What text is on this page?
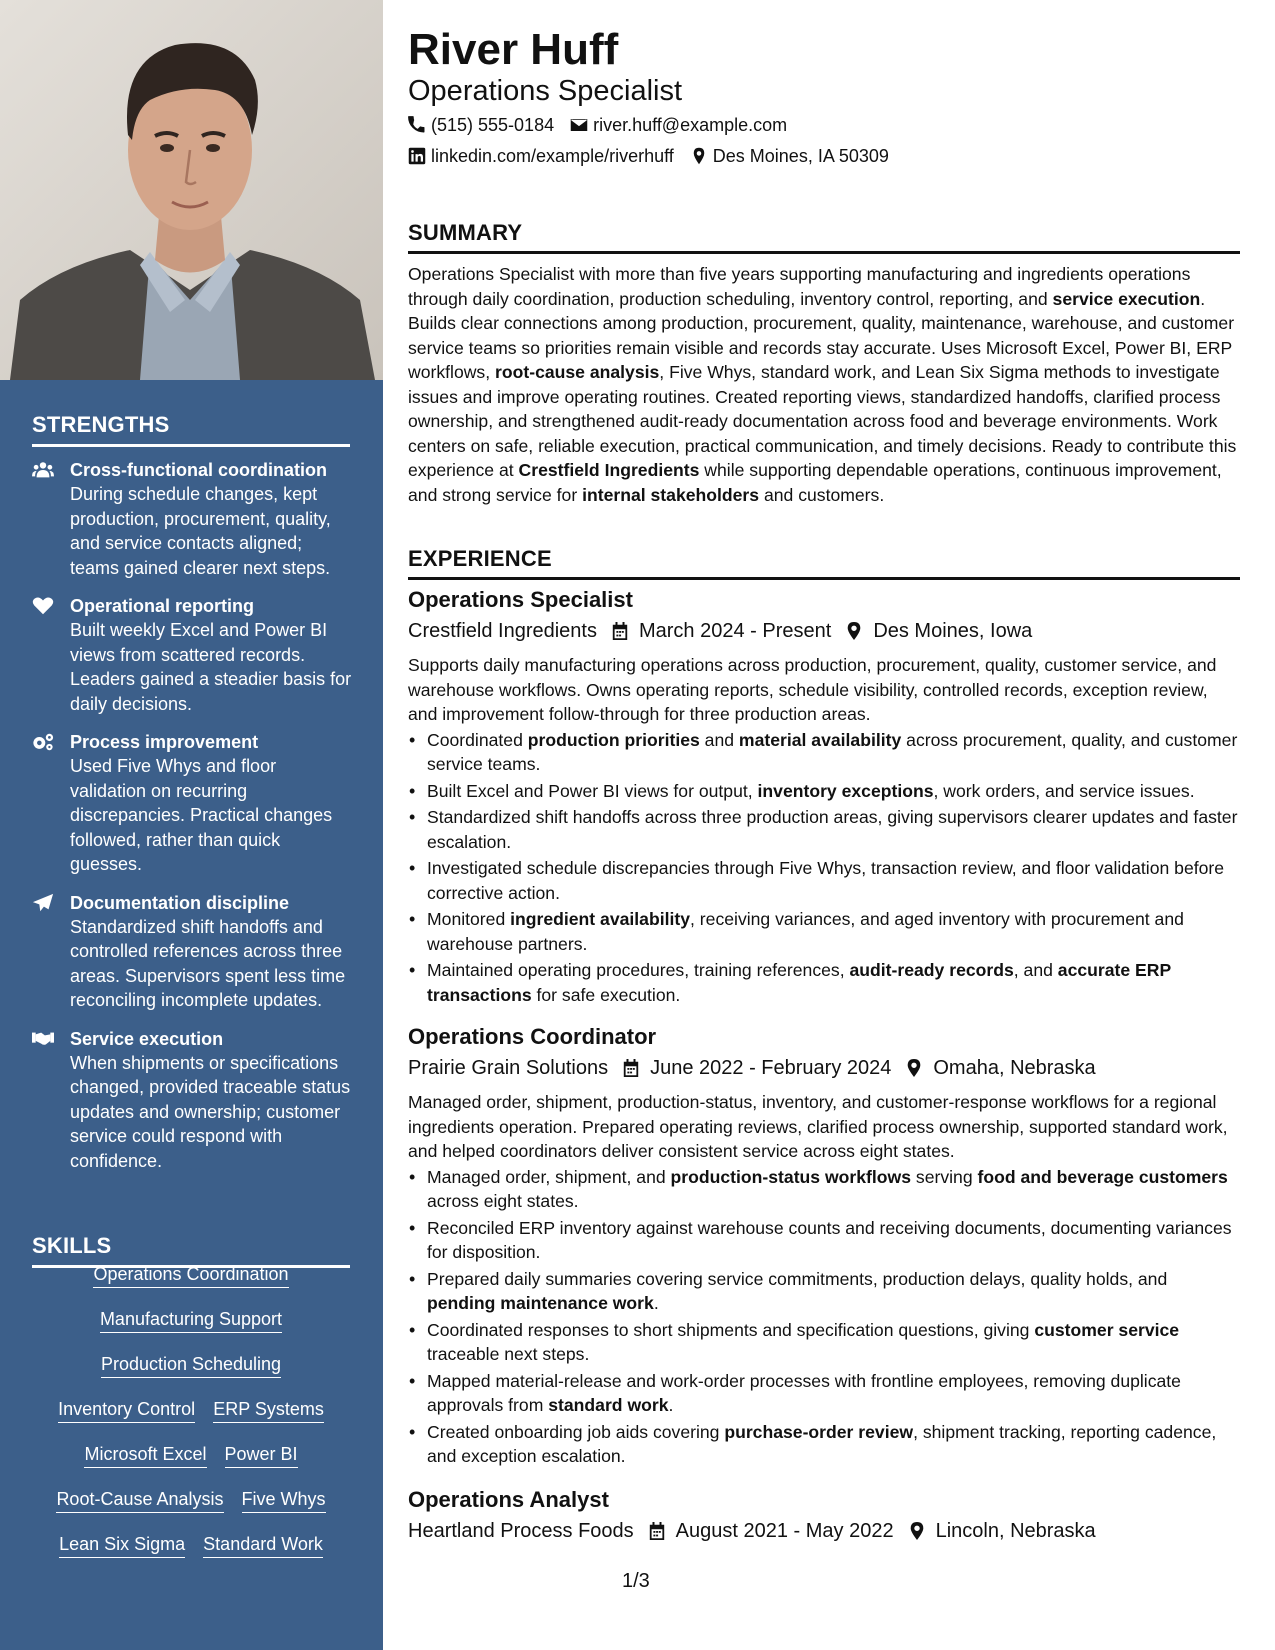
STRENGTHS
Cross-functional coordination
During schedule changes, kept production, procurement, quality, and service contacts aligned; teams gained clearer next steps.
Operational reporting
Built weekly Excel and Power BI views from scattered records. Leaders gained a steadier basis for daily decisions.
Process improvement
Used Five Whys and floor validation on recurring discrepancies. Practical changes followed, rather than quick guesses.
Documentation discipline
Standardized shift handoffs and controlled references across three areas. Supervisors spent less time reconciling incomplete updates.
Service execution
When shipments or specifications changed, provided traceable status updates and ownership; customer service could respond with confidence.
SKILLS
Operations Coordination
Manufacturing Support
Production Scheduling
Inventory Control ERP Systems
Microsoft Excel Power BI
Root-Cause Analysis Five Whys
Lean Six Sigma Standard Work
River Huff
Operations Specialist
(515) 555-0184 river.huff@example.com
linkedin.com/example/riverhuff Des Moines, IA 50309
SUMMARY
Operations Specialist with more than five years supporting manufacturing and ingredients operations through daily coordination, production scheduling, inventory control, reporting, and service execution. Builds clear connections among production, procurement, quality, maintenance, warehouse, and customer service teams so priorities remain visible and records stay accurate. Uses Microsoft Excel, Power BI, ERP workflows, root-cause analysis, Five Whys, standard work, and Lean Six Sigma methods to investigate issues and improve operating routines. Created reporting views, standardized handoffs, clarified process ownership, and strengthened audit-ready documentation across food and beverage environments. Work centers on safe, reliable execution, practical communication, and timely decisions. Ready to contribute this experience at Crestfield Ingredients while supporting dependable operations, continuous improvement, and strong service for internal stakeholders and customers.
EXPERIENCE
Operations Specialist
Crestfield Ingredients March 2024 - Present Des Moines, Iowa
Supports daily manufacturing operations across production, procurement, quality, customer service, and warehouse workflows. Owns operating reports, schedule visibility, controlled records, exception review, and improvement follow-through for three production areas.
• Coordinated production priorities and material availability across procurement, quality, and customer service teams.
• Built Excel and Power BI views for output, inventory exceptions, work orders, and service issues.
• Standardized shift handoffs across three production areas, giving supervisors clearer updates and faster escalation.
• Investigated schedule discrepancies through Five Whys, transaction review, and floor validation before corrective action.
• Monitored ingredient availability, receiving variances, and aged inventory with procurement and warehouse partners.
• Maintained operating procedures, training references, audit-ready records, and accurate ERP transactions for safe execution.
Operations Coordinator
Prairie Grain Solutions June 2022 - February 2024 Omaha, Nebraska
Managed order, shipment, production-status, inventory, and customer-response workflows for a regional ingredients operation. Prepared operating reviews, clarified process ownership, supported standard work, and helped coordinators deliver consistent service across eight states.
• Managed order, shipment, and production-status workflows serving food and beverage customers across eight states.
• Reconciled ERP inventory against warehouse counts and receiving documents, documenting variances for disposition.
• Prepared daily summaries covering service commitments, production delays, quality holds, and pending maintenance work.
• Coordinated responses to short shipments and specification questions, giving customer service traceable next steps.
• Mapped material-release and work-order processes with frontline employees, removing duplicate approvals from standard work.
• Created onboarding job aids covering purchase-order review, shipment tracking, reporting cadence, and exception escalation.
Operations Analyst
Heartland Process Foods August 2021 - May 2022 Lincoln, Nebraska
1/3
